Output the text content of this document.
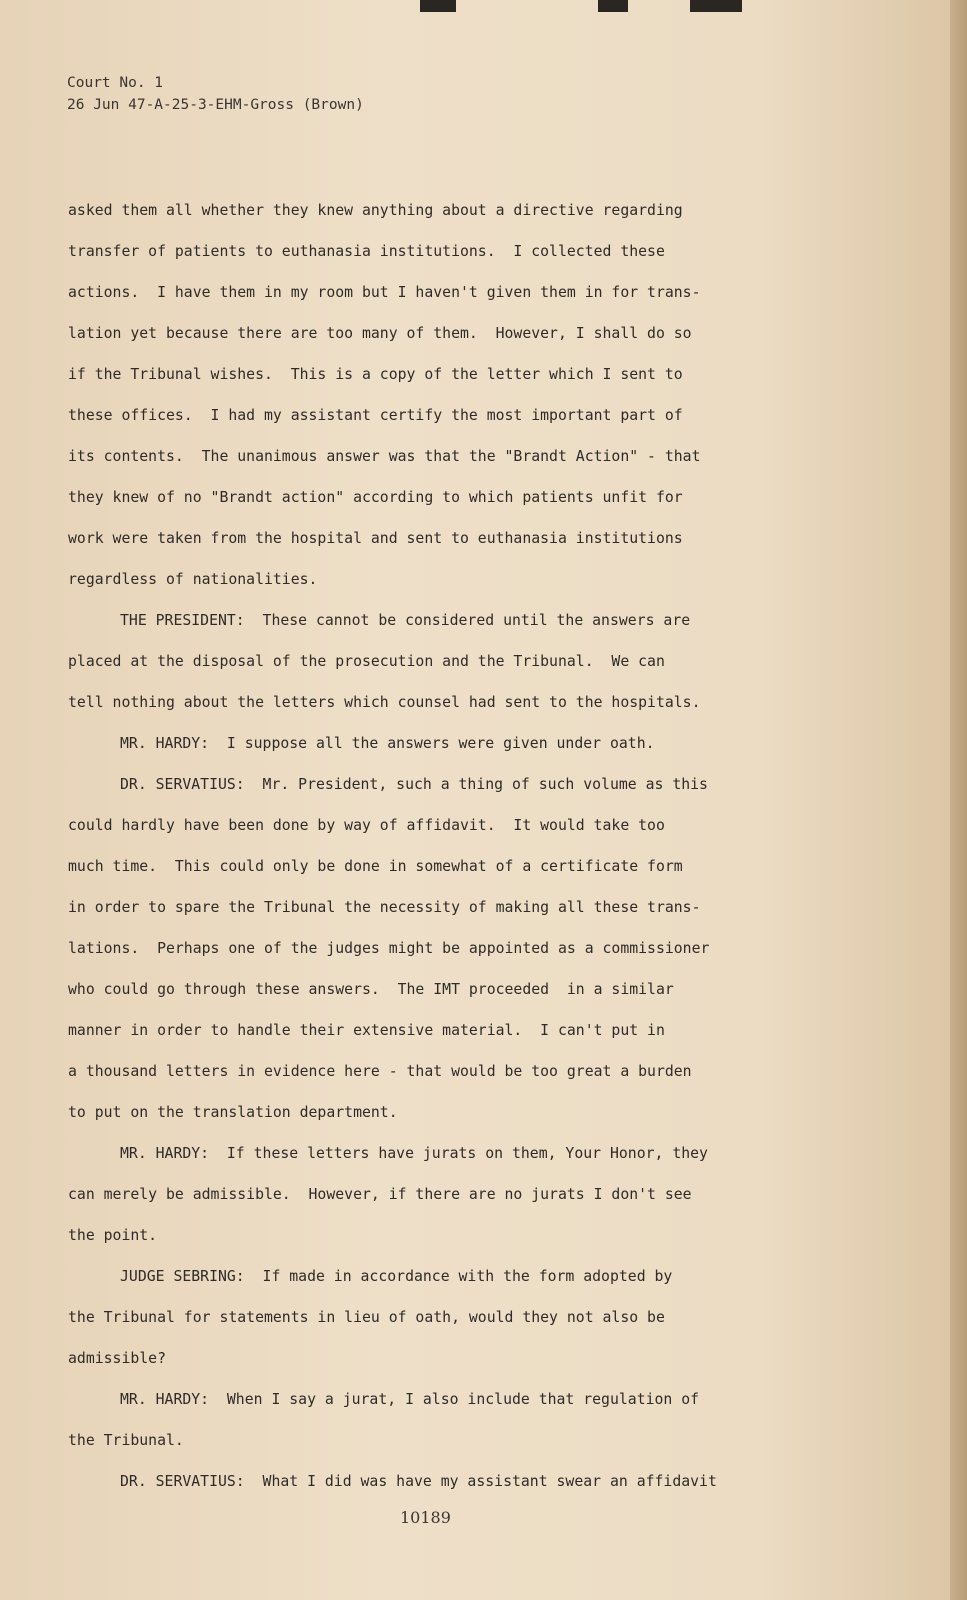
Court No. 1
26 Jun 47-A-25-3-EHM-Gross (Brown)
asked them all whether they knew anything about a directive regarding
transfer of patients to euthanasia institutions.  I collected these
actions.  I have them in my room but I haven't given them in for trans-
lation yet because there are too many of them.  However, I shall do so
if the Tribunal wishes.  This is a copy of the letter which I sent to
these offices.  I had my assistant certify the most important part of
its contents.  The unanimous answer was that the "Brandt Action" - that
they knew of no "Brandt action" according to which patients unfit for
work were taken from the hospital and sent to euthanasia institutions
regardless of nationalities.
THE PRESIDENT:  These cannot be considered until the answers are
placed at the disposal of the prosecution and the Tribunal.  We can
tell nothing about the letters which counsel had sent to the hospitals.
MR. HARDY:  I suppose all the answers were given under oath.
DR. SERVATIUS:  Mr. President, such a thing of such volume as this
could hardly have been done by way of affidavit.  It would take too
much time.  This could only be done in somewhat of a certificate form
in order to spare the Tribunal the necessity of making all these trans-
lations.  Perhaps one of the judges might be appointed as a commissioner
who could go through these answers.  The IMT proceeded  in a similar
manner in order to handle their extensive material.  I can't put in
a thousand letters in evidence here - that would be too great a burden
to put on the translation department.
MR. HARDY:  If these letters have jurats on them, Your Honor, they
can merely be admissible.  However, if there are no jurats I don't see
the point.
JUDGE SEBRING:  If made in accordance with the form adopted by
the Tribunal for statements in lieu of oath, would they not also be
admissible?
MR. HARDY:  When I say a jurat, I also include that regulation of
the Tribunal.
DR. SERVATIUS:  What I did was have my assistant swear an affidavit
10189
